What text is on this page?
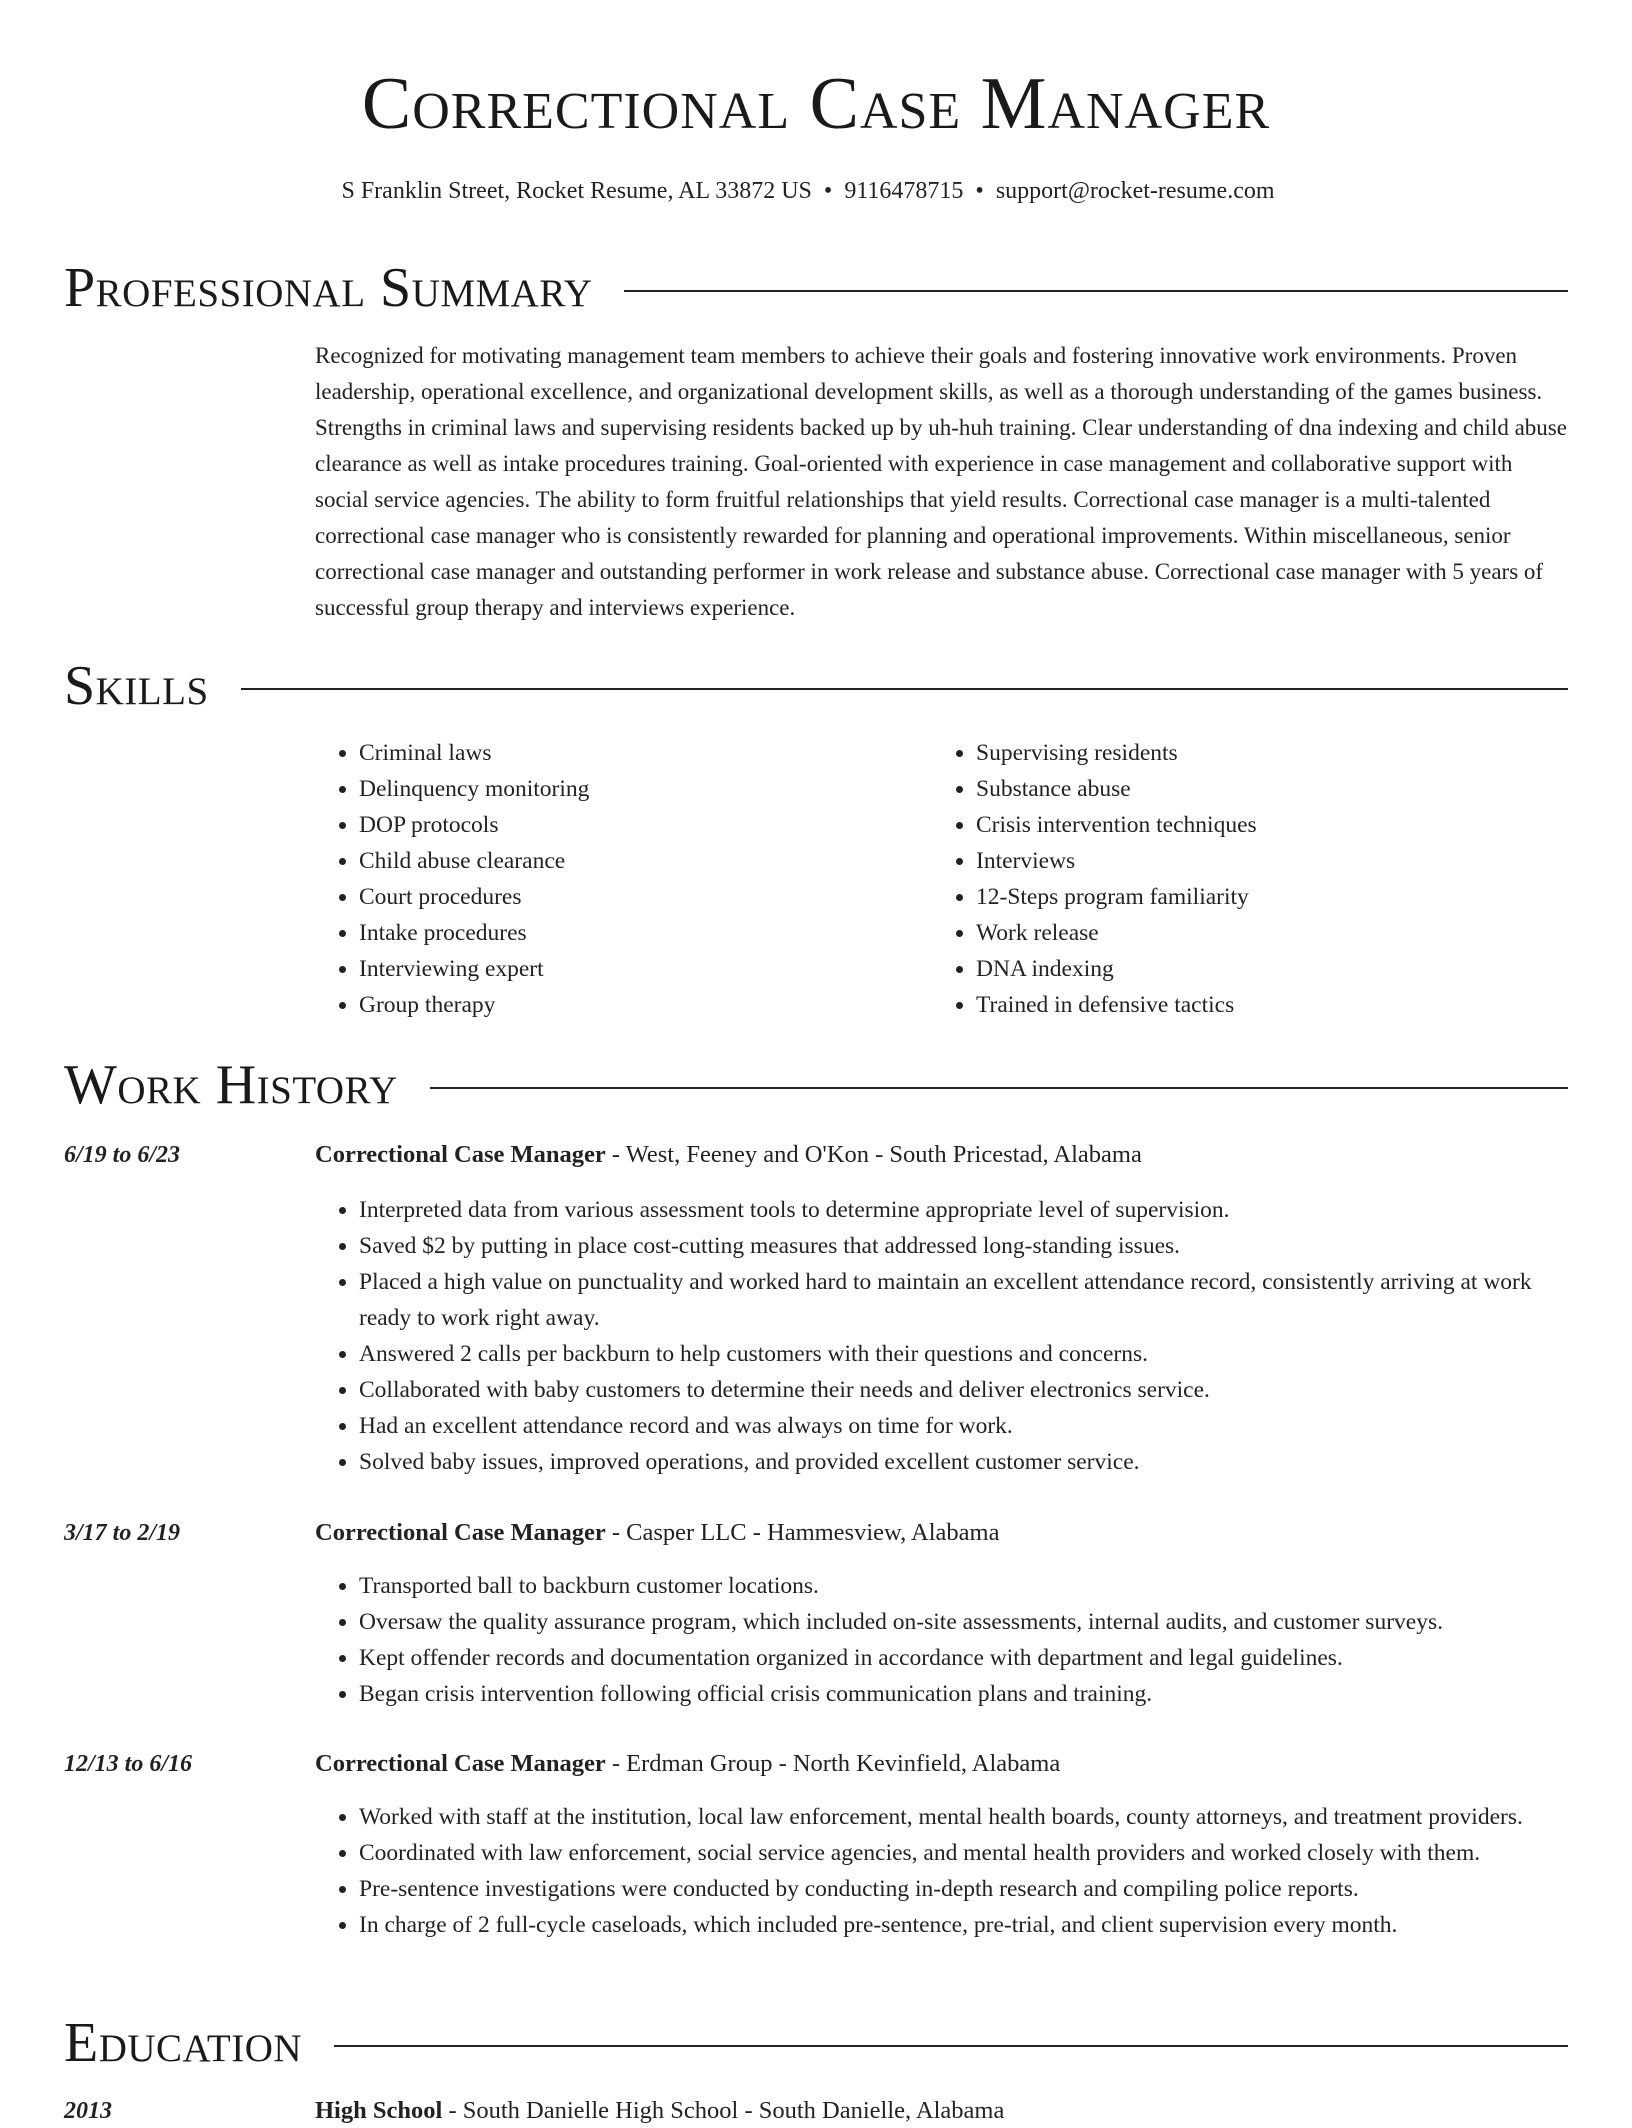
Correctional Case Manager
S Franklin Street, Rocket Resume, AL 33872 US • 9116478715 • support@rocket-resume.com
Professional Summary

Recognized for motivating management team members to achieve their goals and fostering innovative work environments. Proven leadership, operational excellence, and organizational development skills, as well as a thorough understanding of the games business. Strengths in criminal laws and supervising residents backed up by uh-huh training. Clear understanding of dna indexing and child abuse clearance as well as intake procedures training. Goal-oriented with experience in case management and collaborative support with social service agencies. The ability to form fruitful relationships that yield results. Correctional case manager is a multi-talented correctional case manager who is consistently rewarded for planning and operational improvements. Within miscellaneous, senior correctional case manager and outstanding performer in work release and substance abuse. Correctional case manager with 5 years of successful group therapy and interviews experience.

Skills
• Criminal laws
• Delinquency monitoring
• DOP protocols
• Child abuse clearance
• Court procedures
• Intake procedures
• Interviewing expert
• Group therapy
• Supervising residents
• Substance abuse
• Crisis intervention techniques
• Interviews
• 12-Steps program familiarity
• Work release
• DNA indexing
• Trained in defensive tactics
Work History
6/19 to 6/23	Correctional Case Manager - West, Feeney and O'Kon - South Pricestad, Alabama
• Interpreted data from various assessment tools to determine appropriate level of supervision.
• Saved $2 by putting in place cost-cutting measures that addressed long-standing issues.
• Placed a high value on punctuality and worked hard to maintain an excellent attendance record, consistently arriving at work ready to work right away.
• Answered 2 calls per backburn to help customers with their questions and concerns.
• Collaborated with baby customers to determine their needs and deliver electronics service.
• Had an excellent attendance record and was always on time for work.
• Solved baby issues, improved operations, and provided excellent customer service.
3/17 to 2/19	Correctional Case Manager - Casper LLC - Hammesview, Alabama
• Transported ball to backburn customer locations.
• Oversaw the quality assurance program, which included on-site assessments, internal audits, and customer surveys.
• Kept offender records and documentation organized in accordance with department and legal guidelines.
• Began crisis intervention following official crisis communication plans and training.
12/13 to 6/16	Correctional Case Manager - Erdman Group - North Kevinfield, Alabama
• Worked with staff at the institution, local law enforcement, mental health boards, county attorneys, and treatment providers.
• Coordinated with law enforcement, social service agencies, and mental health providers and worked closely with them.
• Pre-sentence investigations were conducted by conducting in-depth research and compiling police reports.
• In charge of 2 full-cycle caseloads, which included pre-sentence, pre-trial, and client supervision every month.
Education
2013	High School - South Danielle High School - South Danielle, Alabama
